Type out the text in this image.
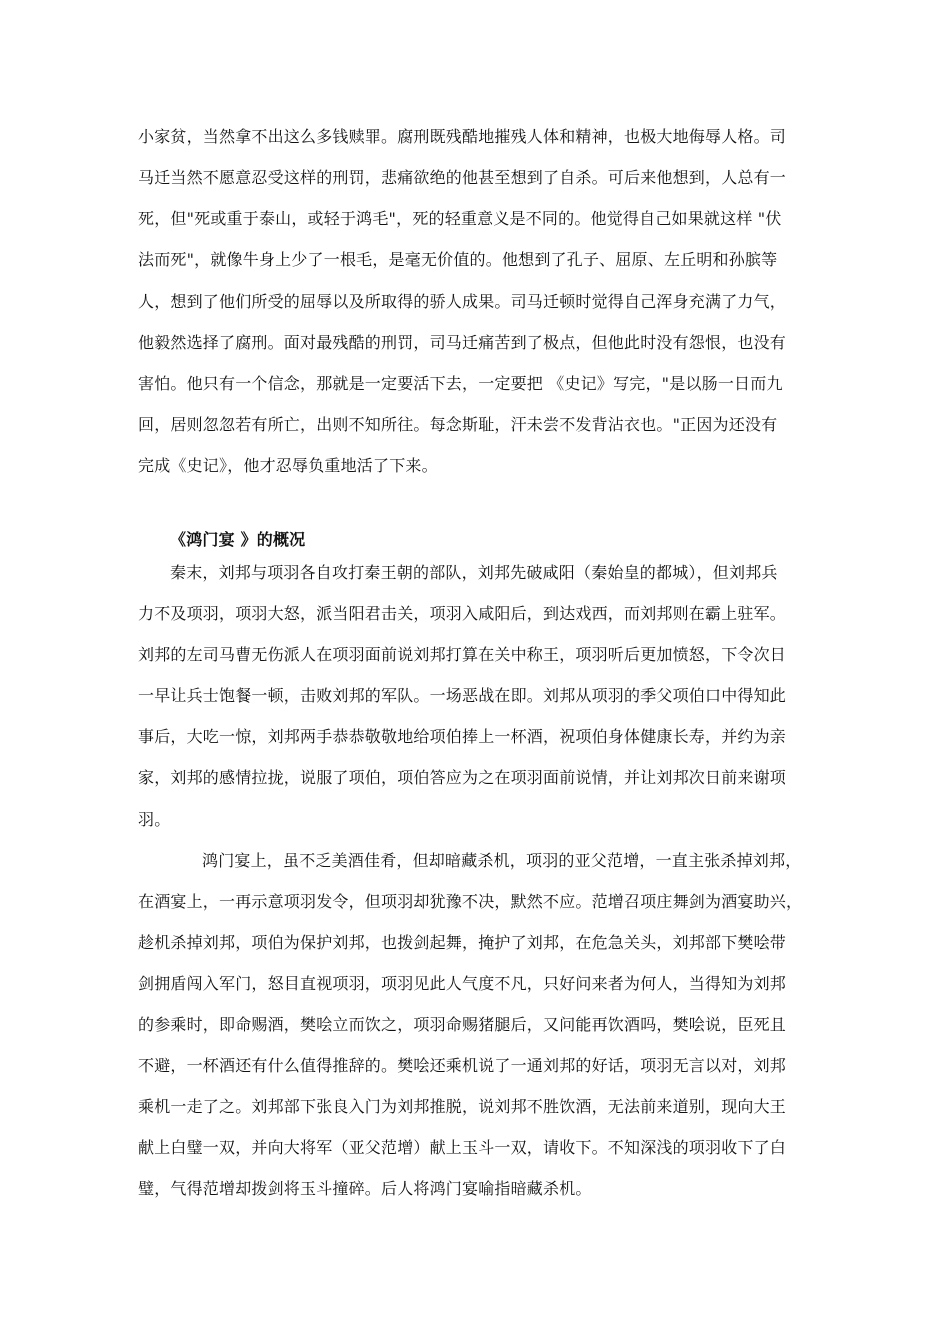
小家贫，当然拿不出这么多钱赎罪。腐刑既残酷地摧残人体和精神，也极大地侮辱人格。司
马迁当然不愿意忍受这样的刑罚，悲痛欲绝的他甚至想到了自杀。可后来他想到，人总有一
死，但"死或重于泰山，或轻于鸿毛"，死的轻重意义是不同的。他觉得自己如果就这样 "伏
法而死"，就像牛身上少了一根毛，是毫无价值的。他想到了孔子、屈原、左丘明和孙膑等
人，想到了他们所受的屈辱以及所取得的骄人成果。司马迁顿时觉得自己浑身充满了力气，
他毅然选择了腐刑。面对最残酷的刑罚，司马迁痛苦到了极点，但他此时没有怨恨，也没有
害怕。他只有一个信念，那就是一定要活下去，一定要把 《史记》写完，"是以肠一日而九
回，居则忽忽若有所亡，出则不知所往。每念斯耻，汗未尝不发背沾衣也。"正因为还没有
完成《史记》，他才忍辱负重地活了下来。
《鸿门宴 》的概况
秦末，刘邦与项羽各自攻打秦王朝的部队，刘邦先破咸阳（秦始皇的都城），但刘邦兵
力不及项羽，项羽大怒，派当阳君击关，项羽入咸阳后，到达戏西，而刘邦则在霸上驻军。
刘邦的左司马曹无伤派人在项羽面前说刘邦打算在关中称王，项羽听后更加愤怒，下令次日
一早让兵士饱餐一顿，击败刘邦的军队。一场恶战在即。刘邦从项羽的季父项伯口中得知此
事后，大吃一惊，刘邦两手恭恭敬敬地给项伯捧上一杯酒，祝项伯身体健康长寿，并约为亲
家，刘邦的感情拉拢，说服了项伯，项伯答应为之在项羽面前说情，并让刘邦次日前来谢项
羽。
鸿门宴上，虽不乏美酒佳肴，但却暗藏杀机，项羽的亚父范增，一直主张杀掉刘邦，
在酒宴上，一再示意项羽发令，但项羽却犹豫不决，默然不应。范增召项庄舞剑为酒宴助兴，
趁机杀掉刘邦，项伯为保护刘邦，也拨剑起舞，掩护了刘邦，在危急关头，刘邦部下樊哙带
剑拥盾闯入军门，怒目直视项羽，项羽见此人气度不凡，只好问来者为何人，当得知为刘邦
的参乘时，即命赐酒，樊哙立而饮之，项羽命赐猪腿后，又问能再饮酒吗，樊哙说，臣死且
不避，一杯酒还有什么值得推辞的。樊哙还乘机说了一通刘邦的好话，项羽无言以对，刘邦
乘机一走了之。刘邦部下张良入门为刘邦推脱，说刘邦不胜饮酒，无法前来道别，现向大王
献上白璧一双，并向大将军（亚父范增）献上玉斗一双，请收下。不知深浅的项羽收下了白
璧，气得范增却拨剑将玉斗撞碎。后人将鸿门宴喻指暗藏杀机。
